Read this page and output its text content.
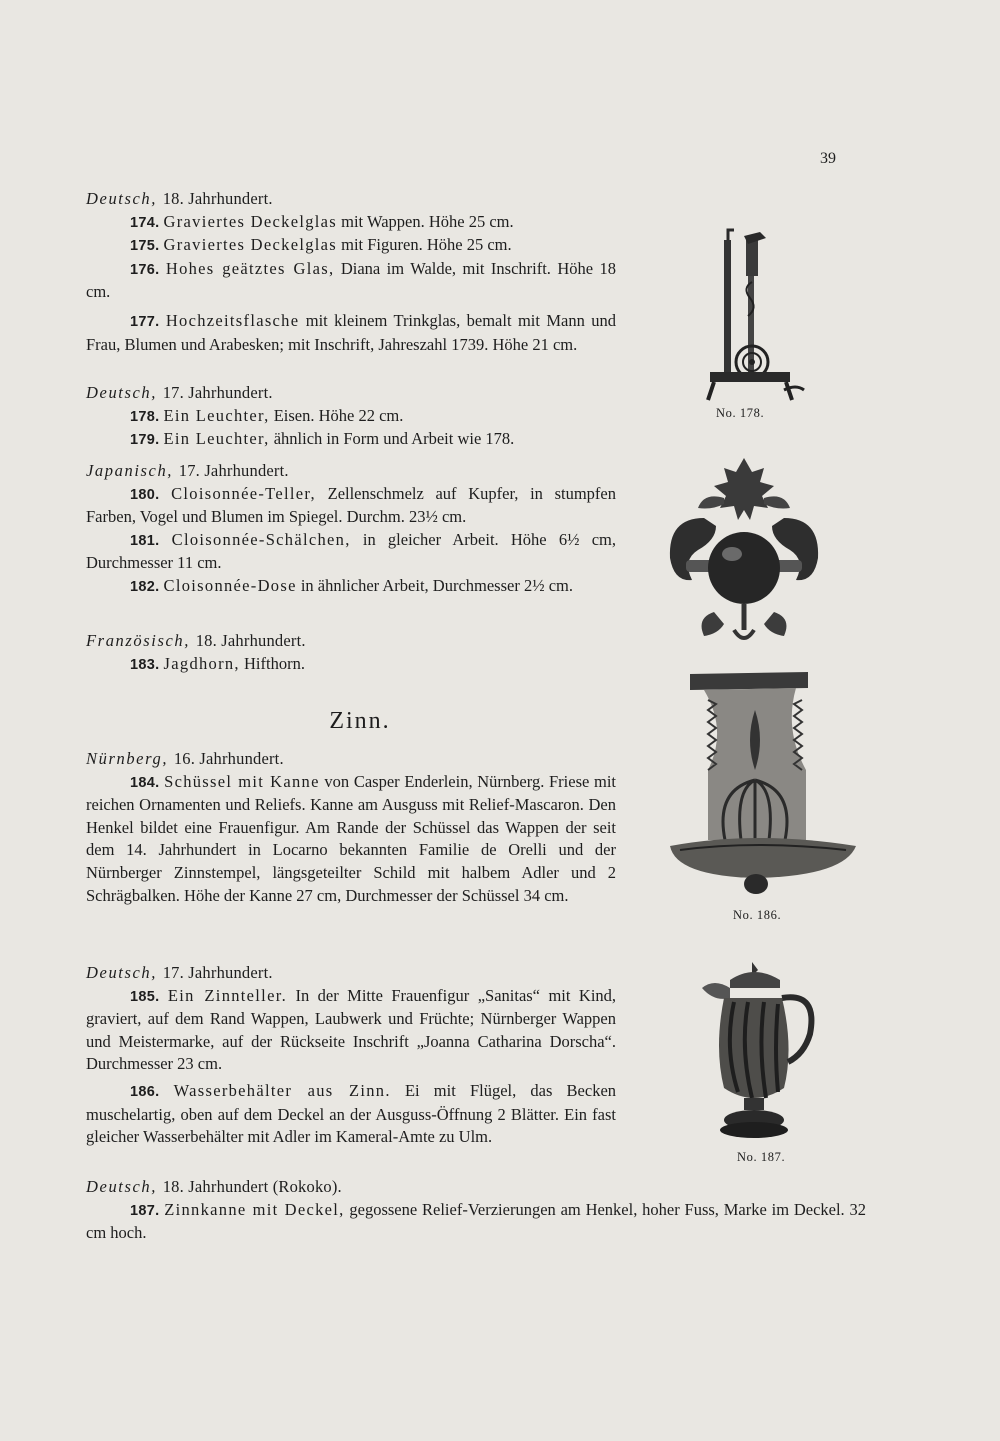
39
Deutsch, 18. Jahrhundert.
174. Graviertes Deckelglas mit Wappen. Höhe 25 cm.
175. Graviertes Deckelglas mit Figuren. Höhe 25 cm.
176. Hohes geätztes Glas, Diana im Walde, mit Inschrift. Höhe 18 cm.
177. Hochzeitsflasche mit kleinem Trinkglas, bemalt mit Mann und Frau, Blumen und Arabesken; mit Inschrift, Jahreszahl 1739. Höhe 21 cm.
Deutsch, 17. Jahrhundert.
178. Ein Leuchter, Eisen. Höhe 22 cm.
179. Ein Leuchter, ähnlich in Form und Arbeit wie 178.
Japanisch, 17. Jahrhundert.
180. Cloisonnée-Teller, Zellenschmelz auf Kupfer, in stumpfen Farben, Vogel und Blumen im Spiegel. Durchm. 23½ cm.
181. Cloisonnée-Schälchen, in gleicher Arbeit. Höhe 6½ cm, Durchmesser 11 cm.
182. Cloisonnée-Dose in ähnlicher Arbeit, Durchmesser 2½ cm.
Französisch, 18. Jahrhundert.
183. Jagdhorn, Hifthorn.
Zinn.
Nürnberg, 16. Jahrhundert.
184. Schüssel mit Kanne von Casper Enderlein, Nürnberg. Friese mit reichen Ornamenten und Reliefs. Kanne am Ausguss mit Relief-Mascaron. Den Henkel bildet eine Frauenfigur. Am Rande der Schüssel das Wappen der seit dem 14. Jahrhundert in Locarno bekannten Familie de Orelli und der Nürnberger Zinnstempel, längsgeteilter Schild mit halbem Adler und 2 Schrägbalken. Höhe der Kanne 27 cm, Durchmesser der Schüssel 34 cm.
Deutsch, 17. Jahrhundert.
185. Ein Zinnteller. In der Mitte Frauenfigur „Sanitas“ mit Kind, graviert, auf dem Rand Wappen, Laubwerk und Früchte; Nürnberger Wappen und Meistermarke, auf der Rückseite Inschrift „Joanna Catharina Dorscha“. Durchmesser 23 cm.
186. Wasserbehälter aus Zinn. Ei mit Flügel, das Becken muschelartig, oben auf dem Deckel an der Ausguss-Öffnung 2 Blätter. Ein fast gleicher Wasserbehälter mit Adler im Kameral-Amte zu Ulm.
Deutsch, 18. Jahrhundert (Rokoko).
187. Zinnkanne mit Deckel, gegossene Relief-Verzierungen am Henkel, hoher Fuss, Marke im Deckel. 32 cm hoch.
No. 178.
No. 186.
No. 187.
